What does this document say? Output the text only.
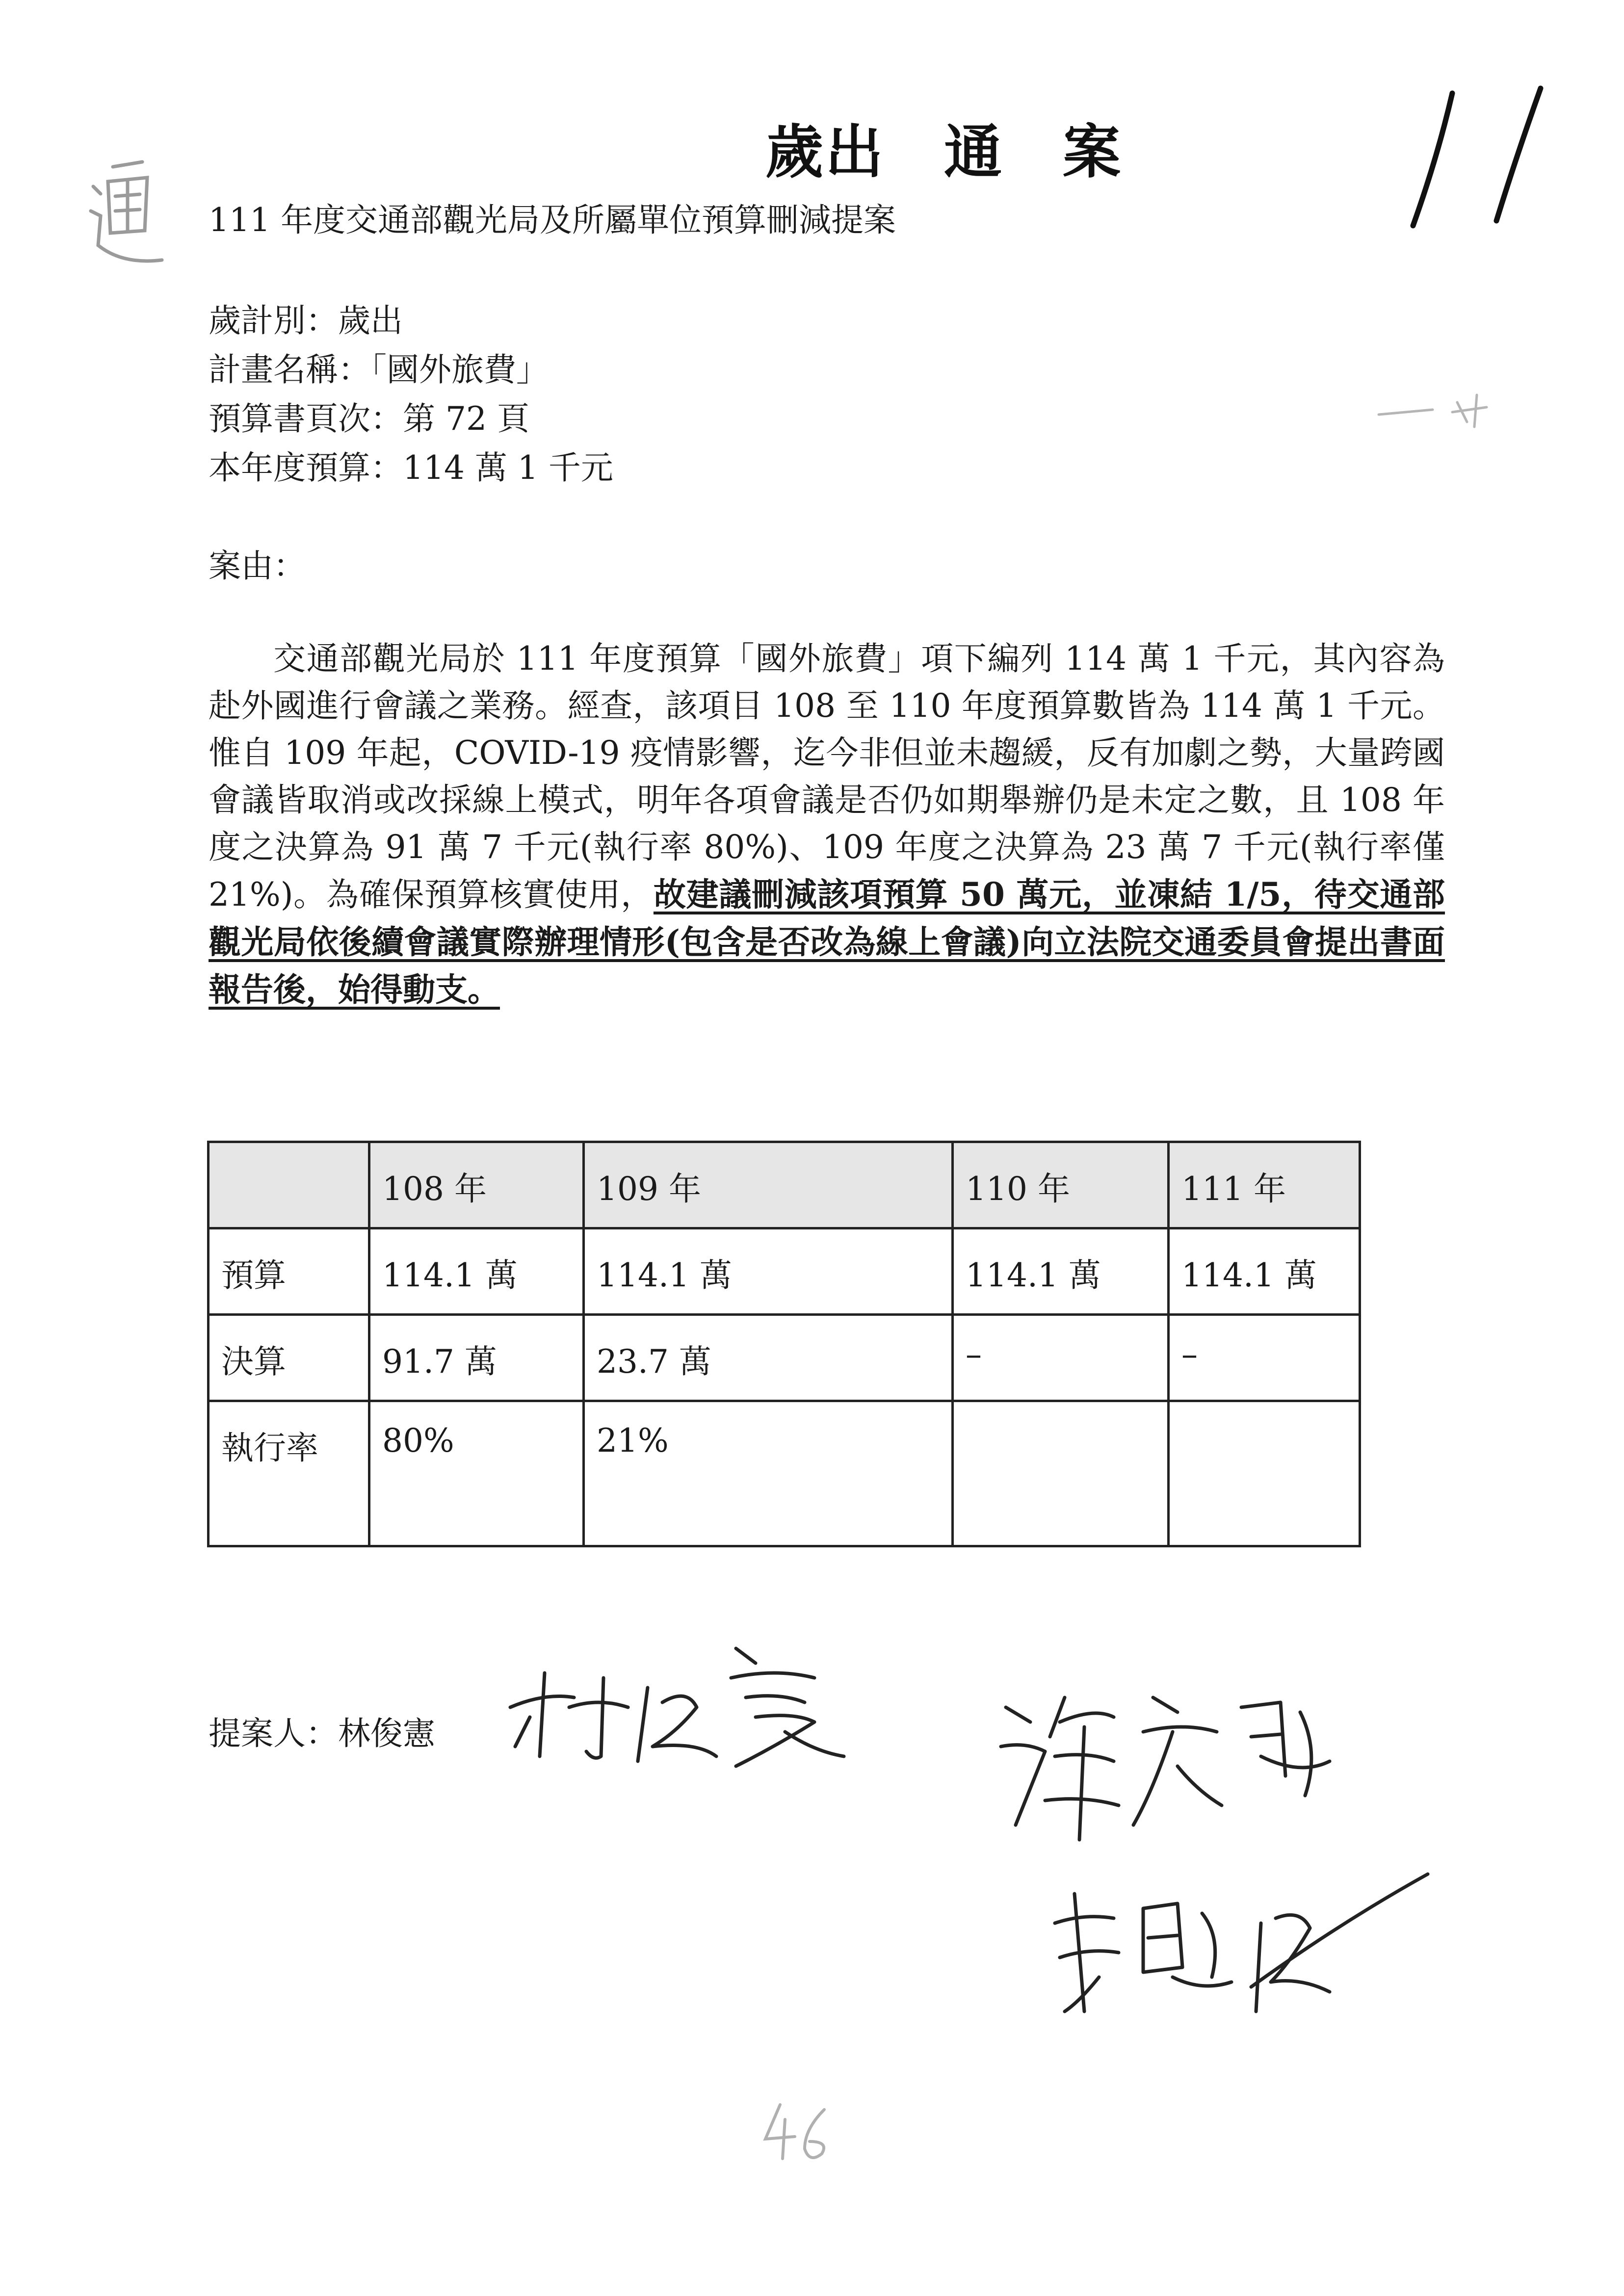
歲出 通 案
111 年度交通部觀光局及所屬單位預算刪減提案
歲計別：歲出
計畫名稱：「國外旅費」
預算書頁次：第 72 頁
本年度預算：114 萬 1 千元
案由：

交通部觀光局於 111 年度預算「國外旅費」項下編列 114 萬 1 千元，其內容為赴外國進行會議之業務。經查，該項目 108 至 110 年度預算數皆為 114 萬 1 千元。惟自 109 年起，COVID-19 疫情影響，迄今非但並未趨緩，反有加劇之勢，大量跨國會議皆取消或改採線上模式，明年各項會議是否仍如期舉辦仍是未定之數，且 108 年度之決算為 91 萬 7 千元(執行率 80%)、109 年度之決算為 23 萬 7 千元(執行率僅 21%)。為確保預算核實使用，故建議刪減該項預算 50 萬元，並凍結 1/5，待交通部觀光局依後續會議實際辦理情形(包含是否改為線上會議)向立法院交通委員會提出書面報告後，始得動支。

	108 年	109 年	110 年	111 年
預算	114.1 萬	114.1 萬	114.1 萬	114.1 萬
決算	91.7 萬	23.7 萬	–	–
執行率	80%	21%		
提案人：林俊憲
